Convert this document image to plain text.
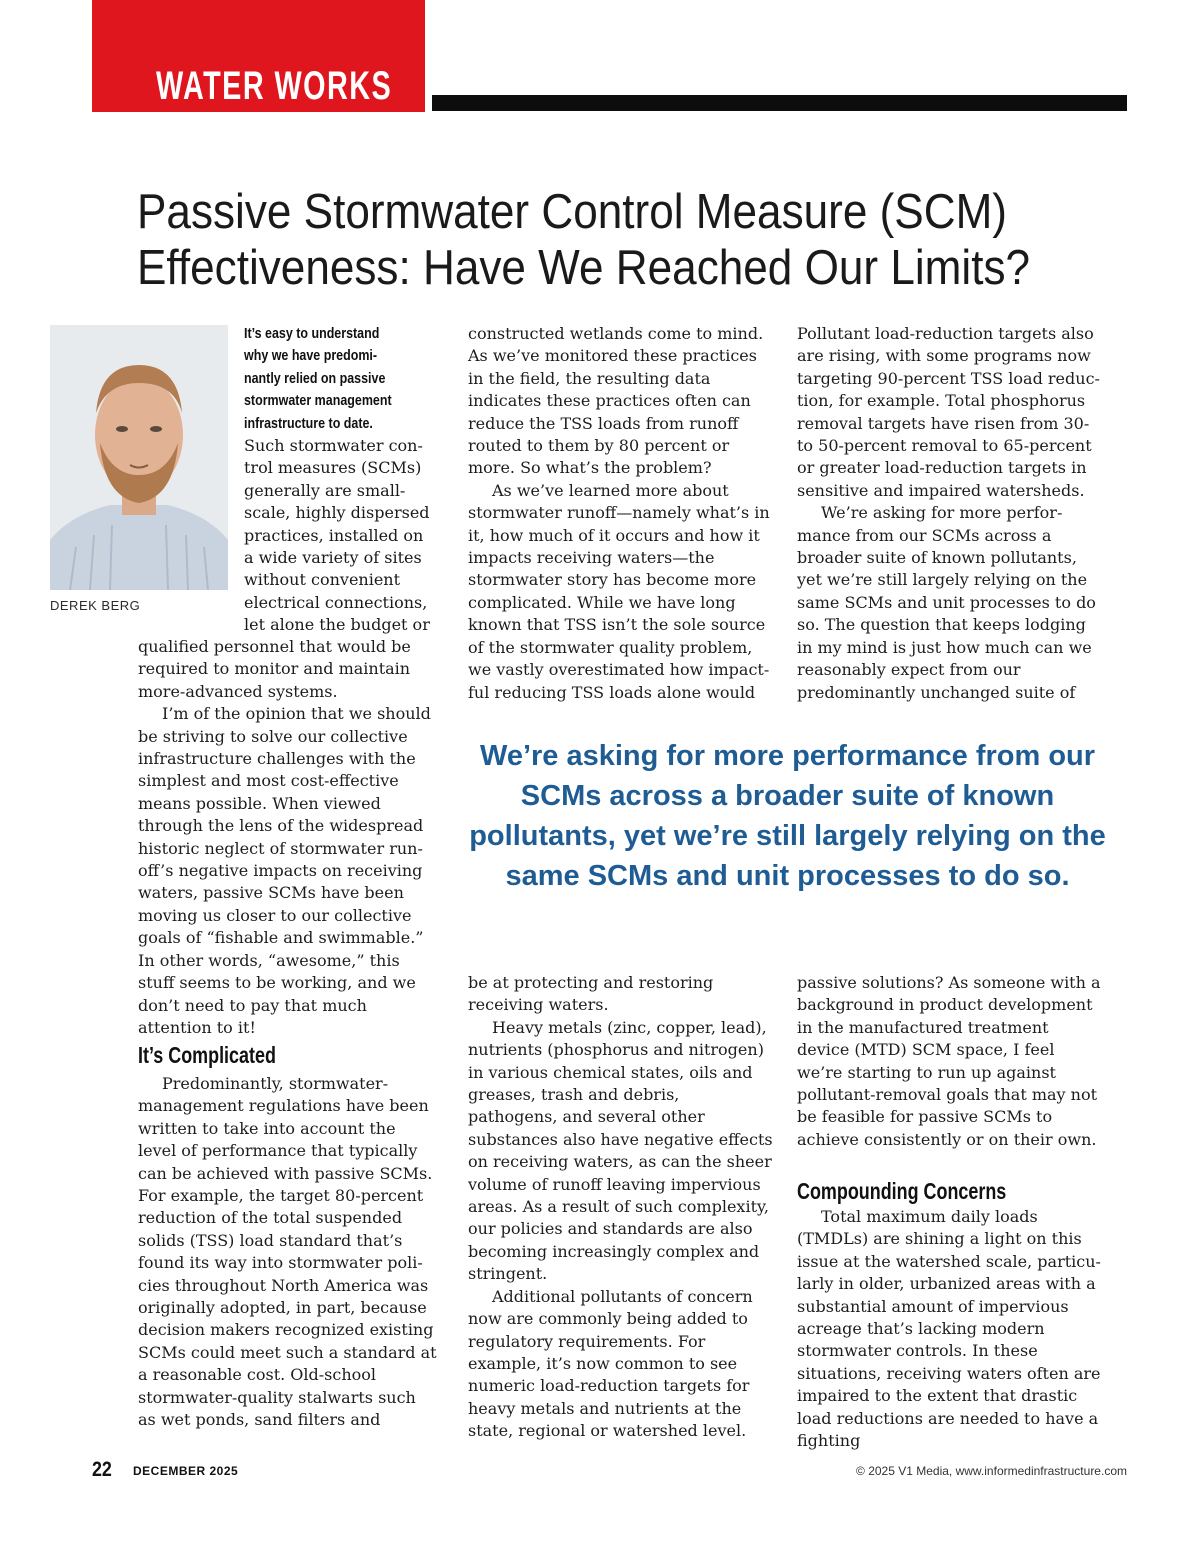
WATER WORKS
Passive Stormwater Control Measure (SCM)
Effectiveness: Have We Reached Our Limits?
DEREK BERG
It’s easy to understand
why we have predomi-
nantly relied on passive
stormwater management
infrastructure to date.
Such stormwater con-
trol measures (SCMs)
generally are small-
scale, highly dispersed
practices, installed on
a wide variety of sites
without convenient
electrical connections,
let alone the budget or

qualified personnel that would be required to monitor and maintain more-advanced systems.

I’m of the opinion that we should be striving to solve our collective infrastructure challenges with the simplest and most cost-effective means possible. When viewed through the lens of the widespread historic neglect of stormwater runoff’s negative impacts on receiving waters, passive SCMs have been moving us closer to our collective goals of “fishable and swimmable.” In other words, “awesome,” this stuff seems to be working, and we don’t need to pay that much attention to it!

It’s Complicated

Predominantly, stormwater-management regulations have been written to take into account the level of performance that typically can be achieved with passive SCMs. For example, the target 80-percent reduction of the total suspended solids (TSS) load standard that’s found its way into stormwater policies throughout North America was originally adopted, in part, because decision makers recognized existing SCMs could meet such a standard at a reasonable cost. Old-school stormwater-quality stalwarts such as wet ponds, sand filters and

constructed wetlands come to mind. As we’ve monitored these practices in the field, the resulting data indicates these practices often can reduce the TSS loads from runoff routed to them by 80 percent or more. So what’s the problem?

As we’ve learned more about stormwater runoff—namely what’s in it, how much of it occurs and how it impacts receiving waters—the stormwater story has become more complicated. While we have long known that TSS isn’t the sole source of the stormwater quality problem, we vastly overestimated how impactful reducing TSS loads alone would

Pollutant load-reduction targets also are rising, with some programs now targeting 90-percent TSS load reduction, for example. Total phosphorus removal targets have risen from 30- to 50-percent removal to 65-percent or greater load-reduction targets in sensitive and impaired watersheds.

We’re asking for more performance from our SCMs across a broader suite of known pollutants, yet we’re still largely relying on the same SCMs and unit processes to do so. The question that keeps lodging in my mind is just how much can we reasonably expect from our predominantly unchanged suite of

We’re asking for more performance from our SCMs across a broader suite of known pollutants, yet we’re still largely relying on the same SCMs and unit processes to do so.

be at protecting and restoring receiving waters.

Heavy metals (zinc, copper, lead), nutrients (phosphorus and nitrogen) in various chemical states, oils and greases, trash and debris, pathogens, and several other substances also have negative effects on receiving waters, as can the sheer volume of runoff leaving impervious areas. As a result of such complexity, our policies and standards are also becoming increasingly complex and stringent.

Additional pollutants of concern now are commonly being added to regulatory requirements. For example, it’s now common to see numeric load-reduction targets for heavy metals and nutrients at the state, regional or watershed level.

passive solutions? As someone with a background in product development in the manufactured treatment device (MTD) SCM space, I feel we’re starting to run up against pollutant-removal goals that may not be feasible for passive SCMs to achieve consistently or on their own.

Compounding Concerns

Total maximum daily loads (TMDLs) are shining a light on this issue at the watershed scale, particularly in older, urbanized areas with a substantial amount of impervious acreage that’s lacking modern stormwater controls. In these situations, receiving waters often are impaired to the extent that drastic load reductions are needed to have a fighting

22 DECEMBER 2025	© 2025 V1 Media, www.informedinfrastructure.com
